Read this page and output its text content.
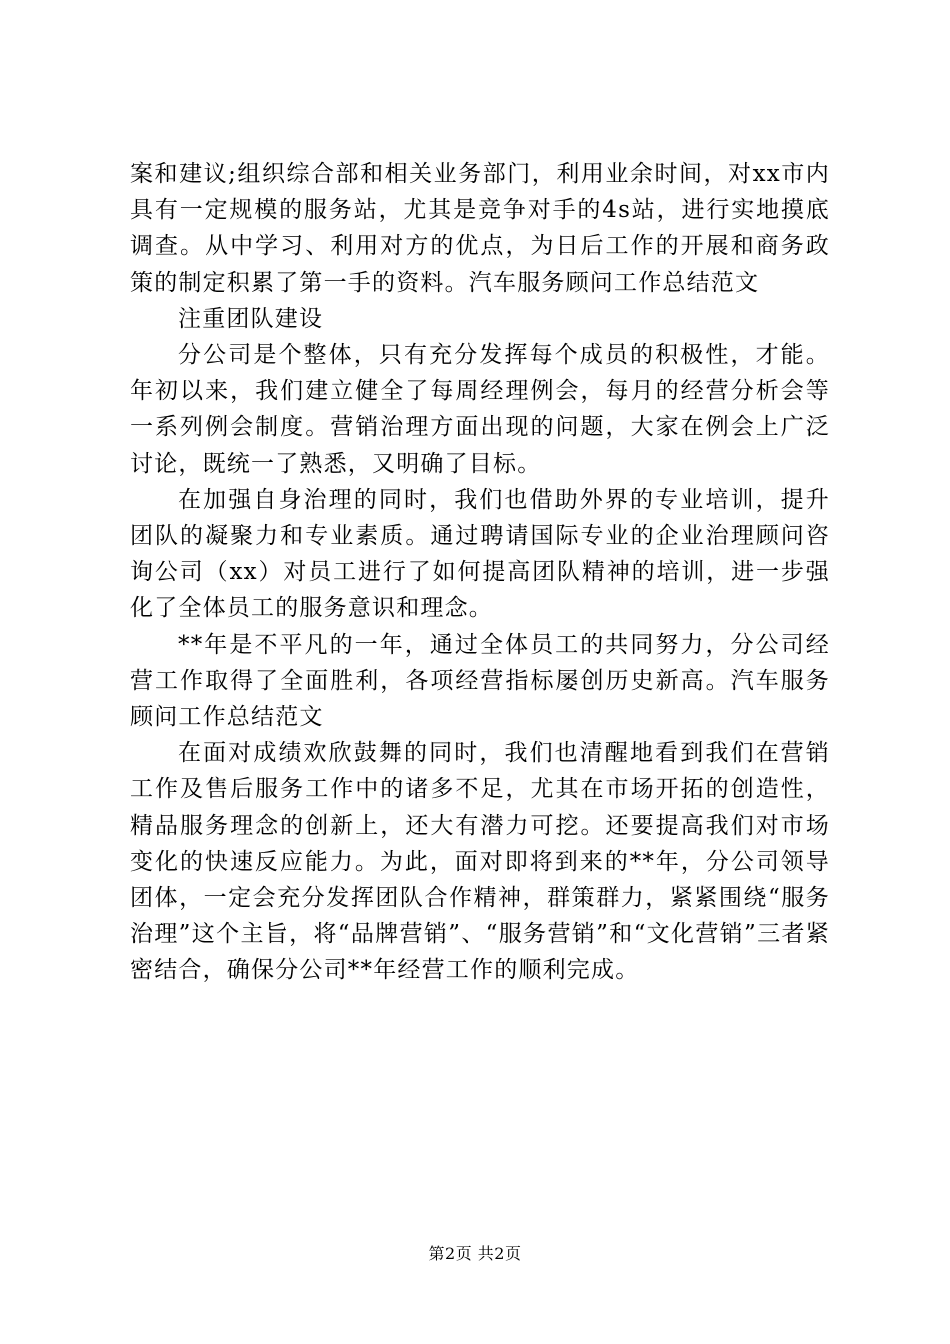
案和建议;组织综合部和相关业务部门，利用业余时间，对xx市内具有一定规模的服务站，尤其是竞争对手的4s站，进行实地摸底调查。从中学习、利用对方的优点，为日后工作的开展和商务政策的制定积累了第一手的资料。汽车服务顾问工作总结范文

注重团队建设

分公司是个整体，只有充分发挥每个成员的积极性，才能。年初以来，我们建立健全了每周经理例会，每月的经营分析会等一系列例会制度。营销治理方面出现的问题，大家在例会上广泛讨论，既统一了熟悉，又明确了目标。

在加强自身治理的同时，我们也借助外界的专业培训，提升团队的凝聚力和专业素质。通过聘请国际专业的企业治理顾问咨询公司（xx）对员工进行了如何提高团队精神的培训，进一步强化了全体员工的服务意识和理念。

**年是不平凡的一年，通过全体员工的共同努力，分公司经营工作取得了全面胜利，各项经营指标屡创历史新高。汽车服务顾问工作总结范文

在面对成绩欢欣鼓舞的同时，我们也清醒地看到我们在营销工作及售后服务工作中的诸多不足，尤其在市场开拓的创造性，精品服务理念的创新上，还大有潜力可挖。还要提高我们对市场变化的快速反应能力。为此，面对即将到来的**年，分公司领导团体，一定会充分发挥团队合作精神，群策群力，紧紧围绕“服务治理”这个主旨，将“品牌营销”、“服务营销”和“文化营销”三者紧密结合，确保分公司**年经营工作的顺利完成。

第2页 共2页
